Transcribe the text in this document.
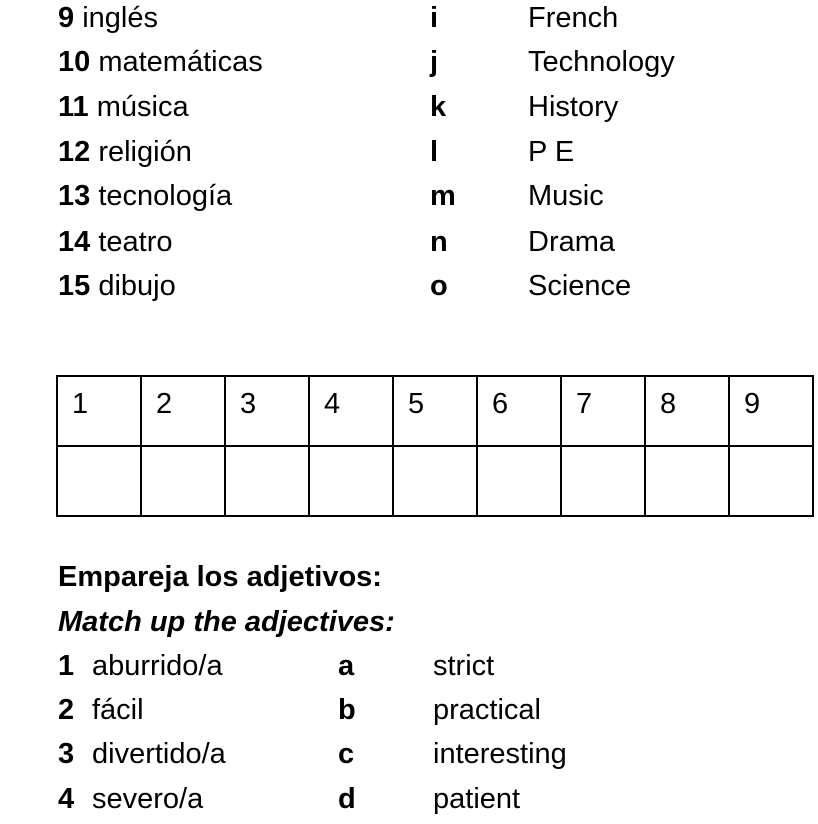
9 inglés	i	French
10 matemáticas	j	Technology
11 música	k	History
12 religión	l	P E
13 tecnología	m Music
14 teatro	n	Drama
15 dibujo	o	Science
1	2	3	4	5	6	7	8	9

Empareja los adjetivos:
Match up the adjectives:
1 aburrido/a	a	strict
2 fácil	b	practical
3 divertido/a	c	interesting
4 severo/a	d	patient
